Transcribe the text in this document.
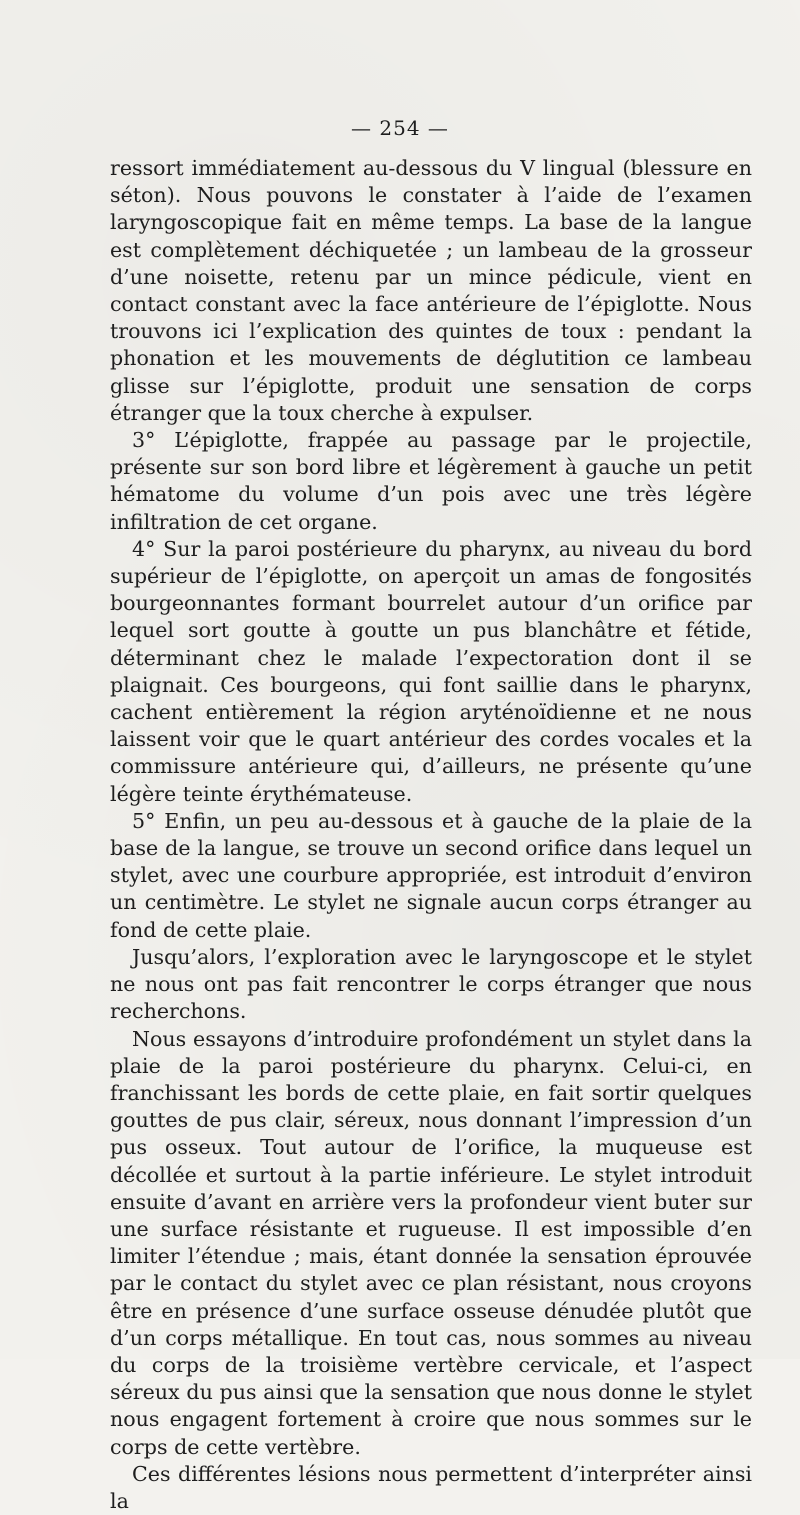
— 254 —

ressort immédiatement au-dessous du V lingual (blessure en séton). Nous pouvons le constater à l’aide de l’examen laryngoscopique fait en même temps. La base de la langue est complètement déchiquetée ; un lambeau de la grosseur d’une noisette, retenu par un mince pédicule, vient en contact constant avec la face antérieure de l’épiglotte. Nous trouvons ici l’explication des quintes de toux : pendant la phonation et les mouvements de déglutition ce lambeau glisse sur l’épiglotte, produit une sensation de corps étranger que la toux cherche à expulser.

3° L’épiglotte, frappée au passage par le projectile, présente sur son bord libre et légèrement à gauche un petit hématome du volume d’un pois avec une très légère infiltration de cet organe.

4° Sur la paroi postérieure du pharynx, au niveau du bord supérieur de l’épiglotte, on aperçoit un amas de fongosités bourgeonnantes formant bourrelet autour d’un orifice par lequel sort goutte à goutte un pus blanchâtre et fétide, déterminant chez le malade l’expectoration dont il se plaignait. Ces bourgeons, qui font saillie dans le pharynx, cachent entièrement la région aryténoïdienne et ne nous laissent voir que le quart antérieur des cordes vocales et la commissure antérieure qui, d’ailleurs, ne présente qu’une légère teinte érythémateuse.

5° Enfin, un peu au-dessous et à gauche de la plaie de la base de la langue, se trouve un second orifice dans lequel un stylet, avec une courbure appropriée, est introduit d’environ un centimètre. Le stylet ne signale aucun corps étranger au fond de cette plaie.

Jusqu’alors, l’exploration avec le laryngoscope et le stylet ne nous ont pas fait rencontrer le corps étranger que nous recherchons.

Nous essayons d’introduire profondément un stylet dans la plaie de la paroi postérieure du pharynx. Celui-ci, en franchissant les bords de cette plaie, en fait sortir quelques gouttes de pus clair, séreux, nous donnant l’impression d’un pus osseux. Tout autour de l’orifice, la muqueuse est décollée et surtout à la partie inférieure. Le stylet introduit ensuite d’avant en arrière vers la profondeur vient buter sur une surface résistante et rugueuse. Il est impossible d’en limiter l’étendue ; mais, étant donnée la sensation éprouvée par le contact du stylet avec ce plan résistant, nous croyons être en présence d’une surface osseuse dénudée plutôt que d’un corps métallique. En tout cas, nous sommes au niveau du corps de la troisième vertèbre cervicale, et l’aspect séreux du pus ainsi que la sensation que nous donne le stylet nous engagent fortement à croire que nous sommes sur le corps de cette vertèbre.

Ces différentes lésions nous permettent d’interpréter ainsi la
